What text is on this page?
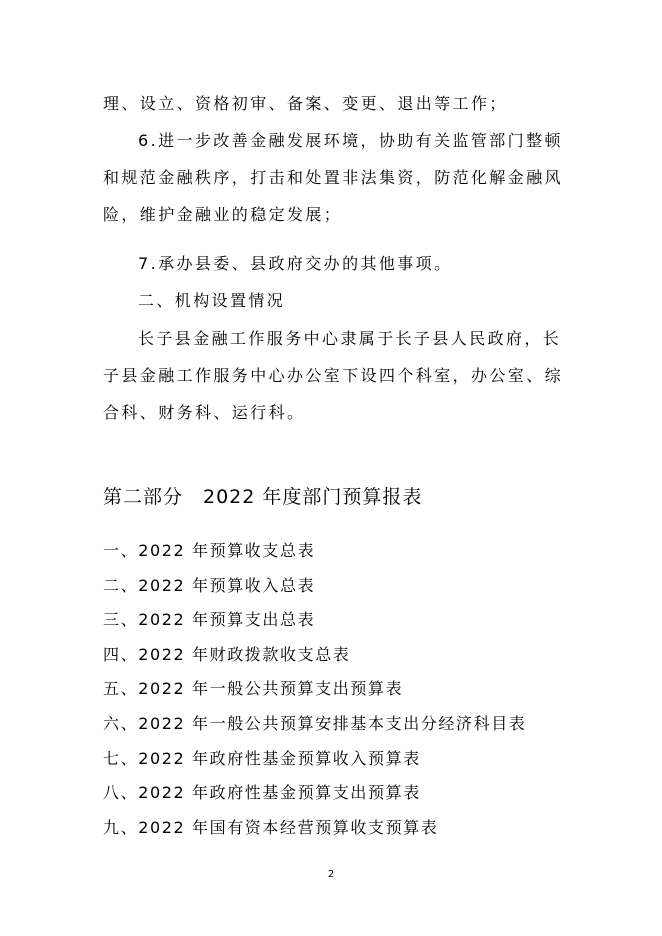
理、设立、资格初审、备案、变更、退出等工作；
6.进一步改善金融发展环境，协助有关监管部门整顿和规范金融秩序，打击和处置非法集资，防范化解金融风险，维护金融业的稳定发展；
7.承办县委、县政府交办的其他事项。
二、机构设置情况
长子县金融工作服务中心隶属于长子县人民政府，长子县金融工作服务中心办公室下设四个科室，办公室、综合科、财务科、运行科。
第二部分　2022 年度部门预算报表
一、2022 年预算收支总表
二、2022 年预算收入总表
三、2022 年预算支出总表
四、2022 年财政拨款收支总表
五、2022 年一般公共预算支出预算表
六、2022 年一般公共预算安排基本支出分经济科目表
七、2022 年政府性基金预算收入预算表
八、2022 年政府性基金预算支出预算表
九、2022 年国有资本经营预算收支预算表
2
